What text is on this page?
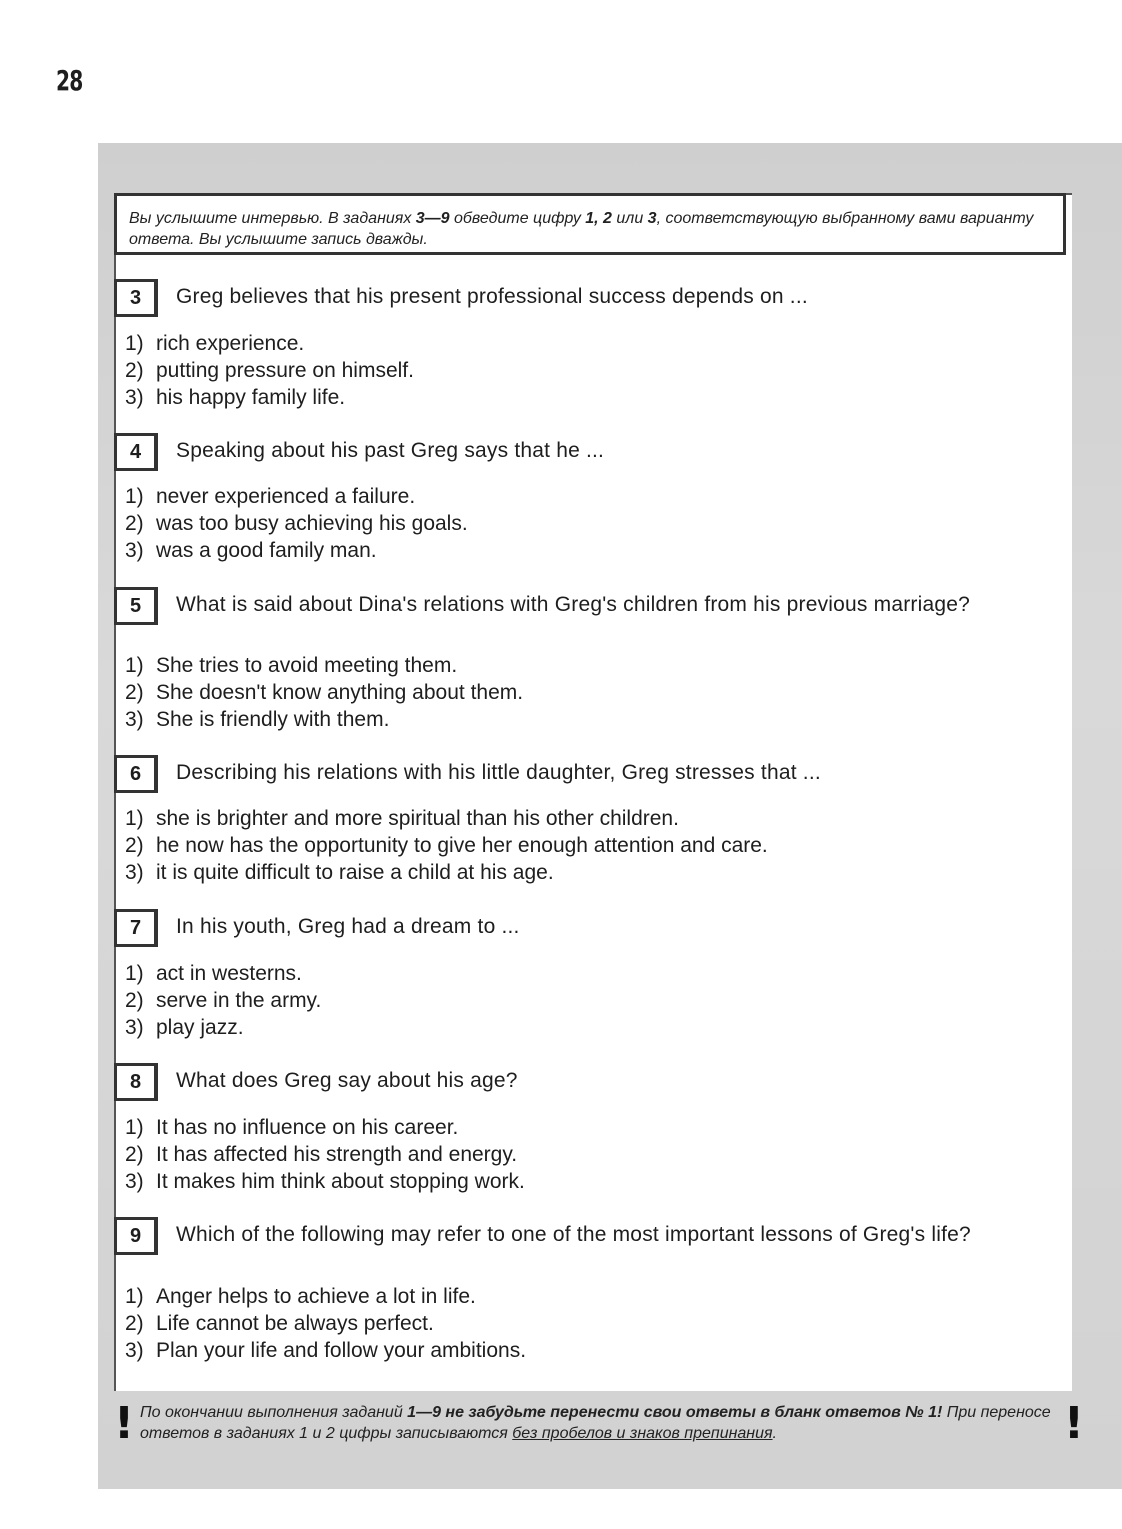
28
Вы услышите интервью. В заданиях 3—9 обведите цифру 1, 2 или 3, соответствующую выбранному вами варианту ответа. Вы услышите запись дважды.
3	Greg believes that his present professional success depends on ...
1) rich experience.
2) putting pressure on himself.
3) his happy family life.
4	Speaking about his past Greg says that he ...
1) never experienced a failure.
2) was too busy achieving his goals.
3) was a good family man.
5	What is said about Dina's relations with Greg's children from his previous marriage?
1) She tries to avoid meeting them.
2) She doesn't know anything about them.
3) She is friendly with them.
6	Describing his relations with his little daughter, Greg stresses that ...
1) she is brighter and more spiritual than his other children.
2) he now has the opportunity to give her enough attention and care.
3) it is quite difficult to raise a child at his age.
7	In his youth, Greg had a dream to ...
1) act in westerns.
2) serve in the army.
3) play jazz.
8	What does Greg say about his age?
1) It has no influence on his career.
2) It has affected his strength and energy.
3) It makes him think about stopping work.
9	Which of the following may refer to one of the most important lessons of Greg's life?
1) Anger helps to achieve a lot in life.
2) Life cannot be always perfect.
3) Plan your life and follow your ambitions.
! По окончании выполнения заданий 1—9 не забудьте перенести свои ответы в бланк ответов № 1! При переносе ответов в заданиях 1 и 2 цифры записываются без пробелов и знаков препинания.	!
